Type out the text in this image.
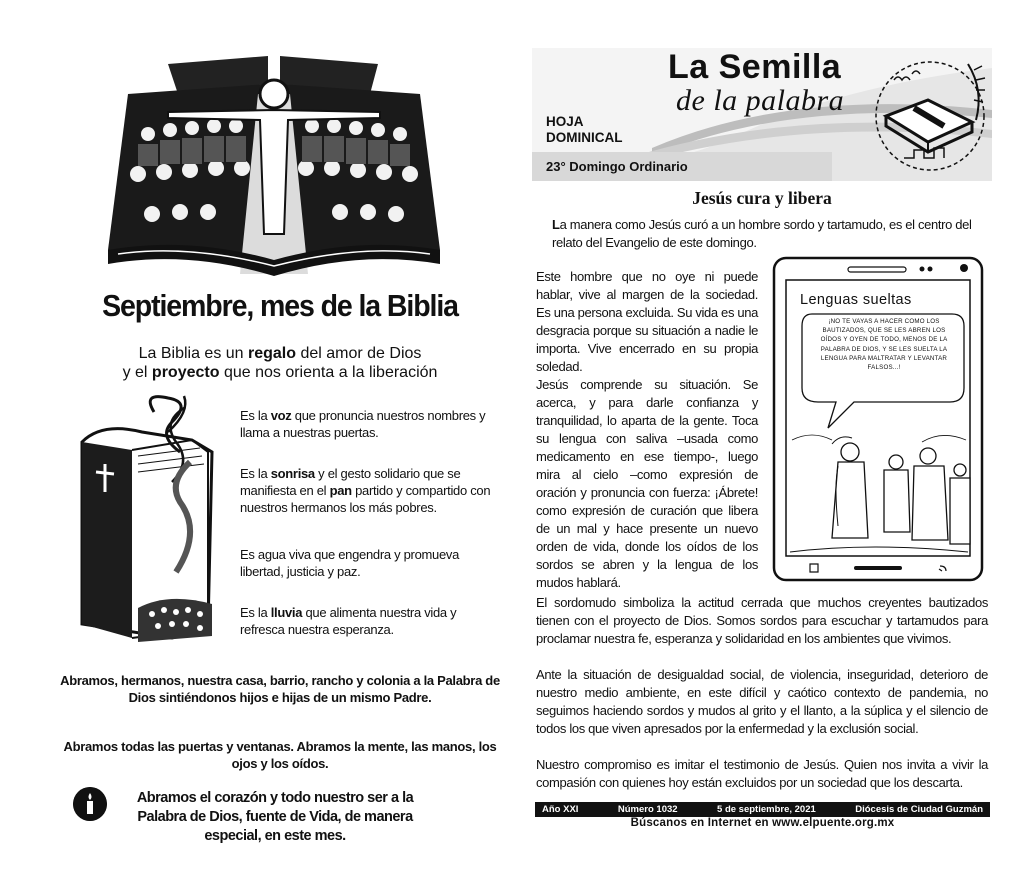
Septiembre, mes de la Biblia
La Biblia es un regalo del amor de Dios
y el proyecto que nos orienta a la liberación
Es la voz que pronuncia nuestros nombres y llama a nuestras puertas.
Es la sonrisa y el gesto solidario que se manifiesta en el pan partido y compartido con nuestros hermanos los más pobres.
Es agua viva que engendra y promueva libertad, justicia y paz.
Es la lluvia que alimenta nuestra vida y refresca nuestra esperanza.
Abramos, hermanos, nuestra casa, barrio, rancho y colonia a la Palabra de Dios sintiéndonos hijos e hijas de un mismo Padre.
Abramos todas las puertas y ventanas. Abramos la mente, las manos, los ojos y los oídos.
Abramos el corazón y todo nuestro ser a la Palabra de Dios, fuente de Vida, de manera especial, en este mes.
La Semilla
de la palabra
HOJA
DOMINICAL
23° Domingo Ordinario
Jesús cura y libera
La manera como Jesús curó a un hombre sordo y tartamudo, es el centro del relato del Evangelio de este domingo.
Este hombre que no oye ni puede hablar, vive al margen de la sociedad. Es una persona excluida. Su vida es una desgracia porque su situación a nadie le importa. Vive encerrado en su propia soledad.
Jesús comprende su situación. Se acerca, y para darle confianza y tranquilidad, lo aparta de la gente. Toca su lengua con saliva –usada como medicamento en ese tiempo-, luego mira al cielo –como expresión de oración y pronuncia con fuerza: ¡Ábrete! como expresión de curación que libera de un mal y hace presente un nuevo orden de vida, donde los oídos de los sordos se abren y la lengua de los mudos hablará.
Lenguas sueltas
¡NO TE VAYAS A HACER COMO LOS BAUTIZADOS, QUE SE LES ABREN LOS OÍDOS Y OYEN DE TODO, MENOS DE LA PALABRA DE DIOS, Y SE LES SUELTA LA LENGUA PARA MALTRATAR Y LEVANTAR FALSOS...!
El sordomudo simboliza la actitud cerrada que muchos creyentes bautizados tienen con el proyecto de Dios. Somos sordos para escuchar y tartamudos para proclamar nuestra fe, esperanza y solidaridad en los ambientes que vivimos.
Ante la situación de desigualdad social, de violencia, inseguridad, deterioro de nuestro medio ambiente, en este difícil y caótico contexto de pandemia, no seguimos haciendo sordos y mudos al grito y el llanto, a la súplica y el silencio de todos los que viven apresados por la enfermedad y la exclusión social.
Nuestro compromiso es imitar el testimonio de Jesús. Quien nos invita a vivir la compasión con quienes hoy están excluidos por un sociedad que los descarta.
Año XXI	Número 1032	5 de septiembre, 2021	Diócesis de Ciudad Guzmán
Búscanos en Internet en www.elpuente.org.mx
